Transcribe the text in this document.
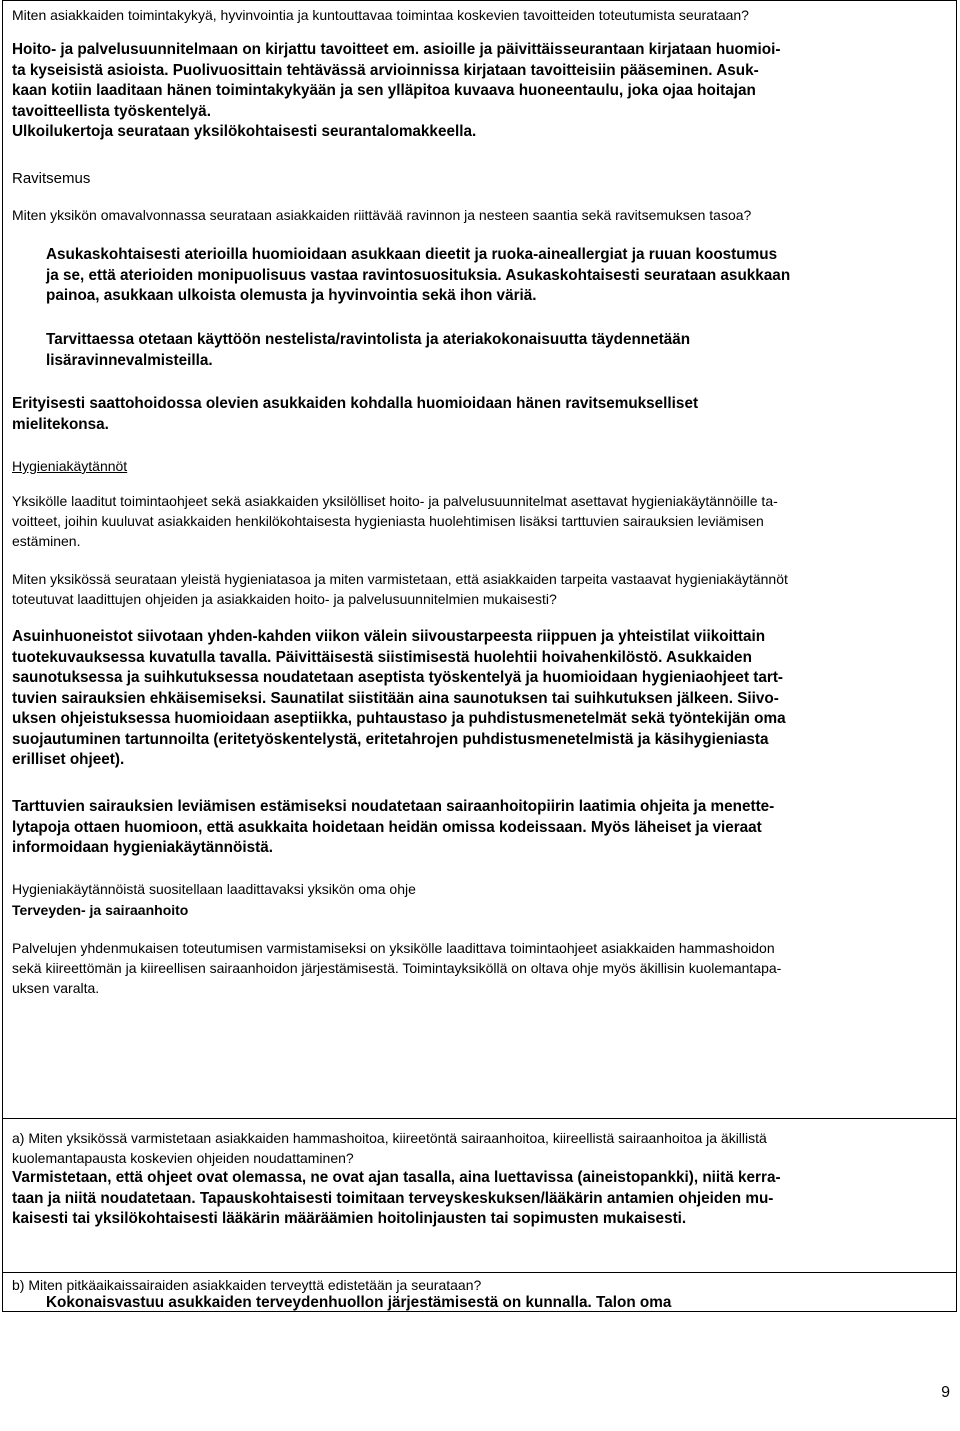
Miten asiakkaiden toimintakykyä, hyvinvointia ja kuntouttavaa toimintaa koskevien tavoitteiden toteutumista seurataan?
Hoito- ja palvelusuunnitelmaan on kirjattu tavoitteet em. asioille ja päivittäisseurantaan kirjataan huomioi-
ta kyseisistä asioista. Puolivuosittain tehtävässä arvioinnissa kirjataan tavoitteisiin pääseminen. Asuk-
kaan kotiin laaditaan hänen toimintakykyään ja sen ylläpitoa kuvaava huoneentaulu, joka ojaa hoitajan
tavoitteellista työskentelyä.
Ulkoilukertoja seurataan yksilökohtaisesti seurantalomakkeella.
Ravitsemus
Miten yksikön omavalvonnassa seurataan asiakkaiden riittävää ravinnon ja nesteen saantia sekä ravitsemuksen tasoa?
Asukaskohtaisesti aterioilla huomioidaan asukkaan dieetit ja ruoka-aineallergiat ja ruuan koostumus
ja se, että aterioiden monipuolisuus vastaa ravintosuosituksia. Asukaskohtaisesti seurataan asukkaan
painoa, asukkaan ulkoista olemusta ja hyvinvointia sekä ihon väriä.
Tarvittaessa otetaan käyttöön nestelista/ravintolista ja ateriakokonaisuutta täydennetään
lisäravinnevalmisteilla.
Erityisesti saattohoidossa olevien asukkaiden kohdalla huomioidaan hänen ravitsemukselliset
mielitekonsa.
Hygieniakäytännöt
Yksikölle laaditut toimintaohjeet sekä asiakkaiden yksilölliset hoito- ja palvelusuunnitelmat asettavat hygieniakäytännöille ta-
voitteet, joihin kuuluvat asiakkaiden henkilökohtaisesta hygieniasta huolehtimisen lisäksi tarttuvien sairauksien leviämisen
estäminen.
Miten yksikössä seurataan yleistä hygieniatasoa ja miten varmistetaan, että asiakkaiden tarpeita vastaavat hygieniakäytännöt
toteutuvat laadittujen ohjeiden ja asiakkaiden hoito- ja palvelusuunnitelmien mukaisesti?
Asuinhuoneistot siivotaan yhden-kahden viikon välein siivoustarpeesta riippuen ja yhteistilat viikoittain
tuotekuvauksessa kuvatulla tavalla. Päivittäisestä siistimisestä huolehtii hoivahenkilöstö. Asukkaiden
saunotuksessa ja suihkutuksessa noudatetaan aseptista työskentelyä ja huomioidaan hygieniaohjeet tart-
tuvien sairauksien ehkäisemiseksi. Saunatilat siistitään aina saunotuksen tai suihkutuksen jälkeen. Siivo-
uksen ohjeistuksessa huomioidaan aseptiikka, puhtaustaso ja puhdistusmenetelmät sekä työntekijän oma
suojautuminen tartunnoilta (eritetyöskentelystä, eritetahrojen puhdistusmenetelmistä ja käsihygieniasta
erilliset ohjeet).
Tarttuvien sairauksien leviämisen estämiseksi noudatetaan sairaanhoitopiirin laatimia ohjeita ja menette-
lytapoja ottaen huomioon, että asukkaita hoidetaan heidän omissa kodeissaan. Myös läheiset ja vieraat
informoidaan hygieniakäytännöistä.
Hygieniakäytännöistä suositellaan laadittavaksi yksikön oma ohje
Terveyden- ja sairaanhoito
Palvelujen yhdenmukaisen toteutumisen varmistamiseksi on yksikölle laadittava toimintaohjeet asiakkaiden hammashoidon
sekä kiireettömän ja kiireellisen sairaanhoidon järjestämisestä. Toimintayksiköllä on oltava ohje myös äkillisin kuolemantapa-
uksen varalta.
a) Miten yksikössä varmistetaan asiakkaiden hammashoitoa, kiireetöntä sairaanhoitoa, kiireellistä sairaanhoitoa ja äkillistä
kuolemantapausta koskevien ohjeiden noudattaminen?
Varmistetaan, että ohjeet ovat olemassa, ne ovat ajan tasalla, aina luettavissa (aineistopankki), niitä kerra-
taan ja niitä noudatetaan. Tapauskohtaisesti toimitaan terveyskeskuksen/lääkärin antamien ohjeiden mu-
kaisesti tai yksilökohtaisesti lääkärin määräämien hoitolinjausten tai sopimusten mukaisesti.
b) Miten pitkäaikaissairaiden asiakkaiden terveyttä edistetään ja seurataan?
Kokonaisvastuu asukkaiden terveydenhuollon järjestämisestä on kunnalla. Talon oma
9
